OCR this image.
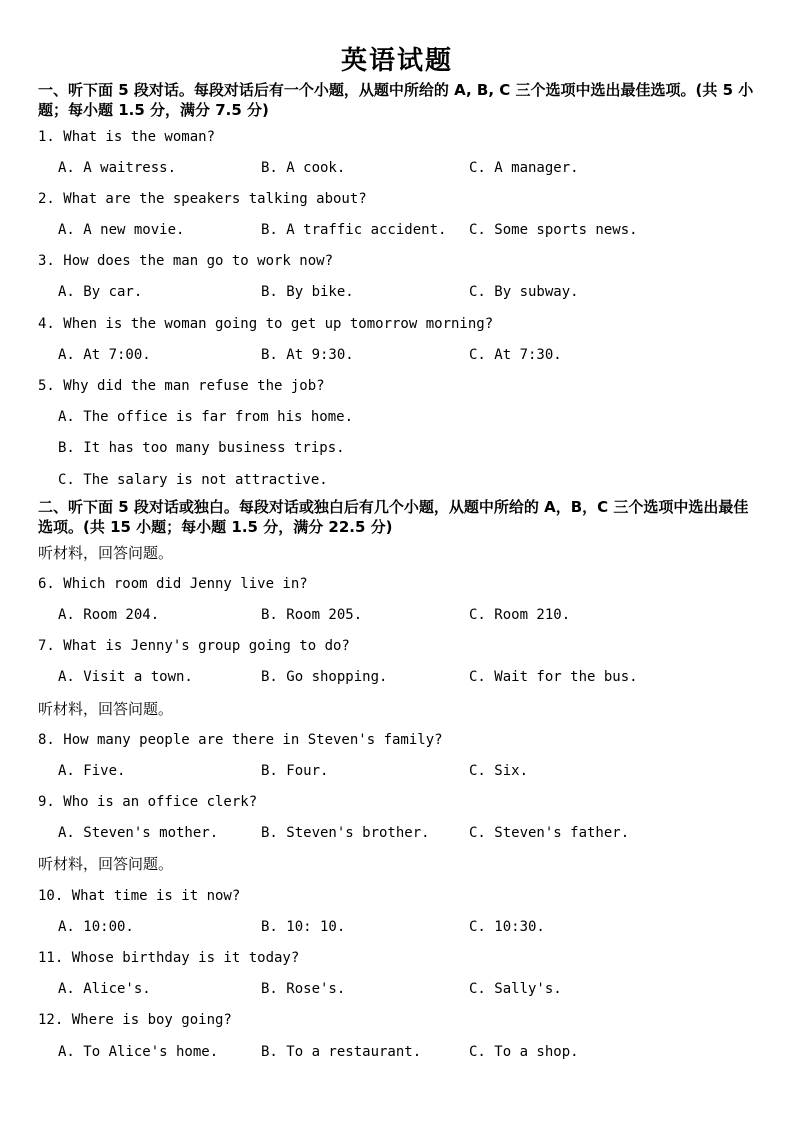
英语试题
一、听下面 5 段对话。每段对话后有一个小题，从题中所给的 A, B, C 三个选项中选出最佳选项。(共 5 小题；每小题 1.5 分，满分 7.5 分)
1. What is the woman?
A. A waitress.	B. A cook.	C. A manager.
2. What are the speakers talking about?
A. A new movie.	B. A traffic accident. C. Some sports news.
3. How does the man go to work now?
A. By car.	B. By bike.	C. By subway.
4. When is the woman going to get up tomorrow morning?
A. At 7:00.	B. At 9:30.	C. At 7:30.
5. Why did the man refuse the job?
A. The office is far from his home.
B. It has too many business trips.
C. The salary is not attractive.
二、听下面 5 段对话或独白。每段对话或独白后有几个小题，从题中所给的 A，B，C 三个选项中选出最佳选项。(共 15 小题；每小题 1.5 分，满分 22.5 分)
听材料，回答问题。
6. Which room did Jenny live in?
A. Room 204.	B. Room 205.	C. Room 210.
7. What is Jenny's group going to do?
A. Visit a town.	B. Go shopping.	C. Wait for the bus.
听材料，回答问题。
8. How many people are there in Steven's family?
A. Five.	B. Four.	C. Six.
9. Who is an office clerk?
A. Steven's mother.	B. Steven's brother.	C. Steven's father.
听材料，回答问题。
10. What time is it now?
A. 10:00.	B. 10: 10.	C. 10:30.
11. Whose birthday is it today?
A. Alice's.	B. Rose's.	C. Sally's.
12. Where is boy going?
A. To Alice's home.	B. To a restaurant.	C. To a shop.
